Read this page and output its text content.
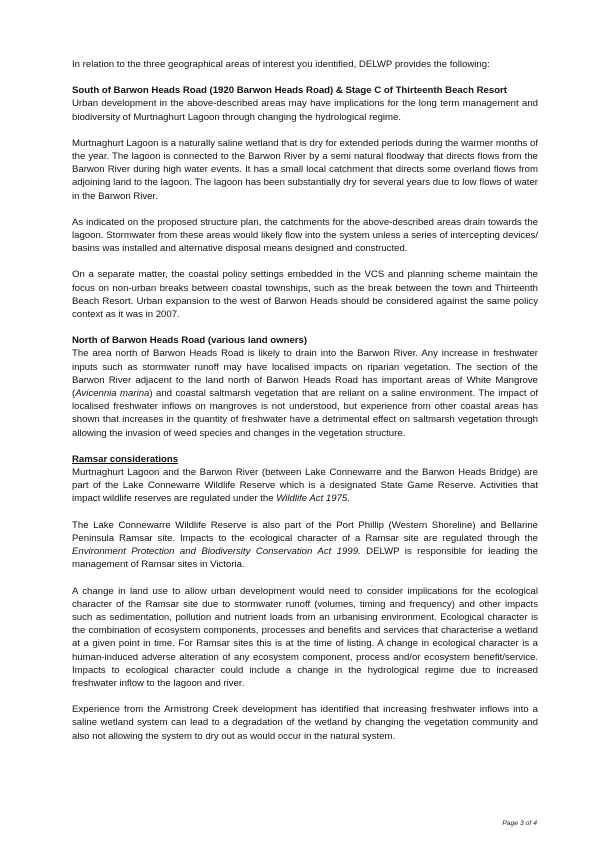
In relation to the three geographical areas of interest you identified, DELWP provides the following:

South of Barwon Heads Road (1920 Barwon Heads Road) & Stage C of Thirteenth Beach Resort
Urban development in the above-described areas may have implications for the long term management and biodiversity of Murtnaghurt Lagoon through changing the hydrological regime.

Murtnaghurt Lagoon is a naturally saline wetland that is dry for extended periods during the warmer months of the year. The lagoon is connected to the Barwon River by a semi natural floodway that directs flows from the Barwon River during high water events. It has a small local catchment that directs some overland flows from adjoining land to the lagoon. The lagoon has been substantially dry for several years due to low flows of water in the Barwon River.

As indicated on the proposed structure plan, the catchments for the above-described areas drain towards the lagoon. Stormwater from these areas would likely flow into the system unless a series of intercepting devices/ basins was installed and alternative disposal means designed and constructed.

On a separate matter, the coastal policy settings embedded in the VCS and planning scheme maintain the focus on non-urban breaks between coastal townships, such as the break between the town and Thirteenth Beach Resort. Urban expansion to the west of Barwon Heads should be considered against the same policy context as it was in 2007.

North of Barwon Heads Road (various land owners)
The area north of Barwon Heads Road is likely to drain into the Barwon River. Any increase in freshwater inputs such as stormwater runoff may have localised impacts on riparian vegetation. The section of the Barwon River adjacent to the land north of Barwon Heads Road has important areas of White Mangrove (Avicennia marina) and coastal saltmarsh vegetation that are reliant on a saline environment. The impact of localised freshwater inflows on mangroves is not understood, but experience from other coastal areas has shown that increases in the quantity of freshwater have a detrimental effect on saltmarsh vegetation through allowing the invasion of weed species and changes in the vegetation structure.

Ramsar considerations
Murtnaghurt Lagoon and the Barwon River (between Lake Connewarre and the Barwon Heads Bridge) are part of the Lake Connewarre Wildlife Reserve which is a designated State Game Reserve. Activities that impact wildlife reserves are regulated under the Wildlife Act 1975.

The Lake Connewarre Wildlife Reserve is also part of the Port Phillip (Western Shoreline) and Bellarine Peninsula Ramsar site. Impacts to the ecological character of a Ramsar site are regulated through the Environment Protection and Biodiversity Conservation Act 1999. DELWP is responsible for leading the management of Ramsar sites in Victoria.

A change in land use to allow urban development would need to consider implications for the ecological character of the Ramsar site due to stormwater runoff (volumes, timing and frequency) and other impacts such as sedimentation, pollution and nutrient loads from an urbanising environment. Ecological character is the combination of ecosystem components, processes and benefits and services that characterise a wetland at a given point in time. For Ramsar sites this is at the time of listing. A change in ecological character is a human-induced adverse alteration of any ecosystem component, process and/or ecosystem benefit/service. Impacts to ecological character could include a change in the hydrological regime due to increased freshwater inflow to the lagoon and river.

Experience from the Armstrong Creek development has identified that increasing freshwater inflows into a saline wetland system can lead to a degradation of the wetland by changing the vegetation community and also not allowing the system to dry out as would occur in the natural system.

Page 3 of 4
